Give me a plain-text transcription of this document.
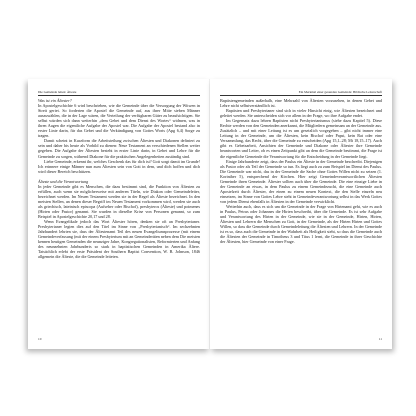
Die Gemeinde leiten: Älteste
Was ist ein Ältester?

In Apostelgeschichte 6 wird beschrieben, wie die Gemeinde über die Versorgung der Witwen in Streit geriet. So forderten die Apostel die Gemeinde auf, aus ihrer Mitte sieben Männer auszuwählen, die in der Lage wären, die Verteilung der verfügbaren Güter zu beaufsichtigen. Sie selbst würden sich dann weiterhin „dem Gebet und dem Dienst des Wortes“ widmen, was in ihren Augen die eigentliche Aufgabe der Apostel war. Die Aufgabe der Apostel bestand also in erster Linie darin, für das Gebet und die Verkündigung von Gottes Worts (Apg 6,4) Sorge zu tragen.

Damit scheint in Kurzform die Arbeitsteilung zwischen Ältesten und Diakonen definiert zu sein und daher bis heute als Vorbild zu dienen: Neue Testament an verschiedenen Stellen weiter gegeben. Die Aufgabe der Ältesten besteht in erster Linie darin, in Gebet und Lehre für die Gemeinde zu sorgen, während Diakone für die praktischen Angelegenheiten zuständig sind.

Liebe Gemeinde, erkennt ihr, welches Geschenk das für dich ist? Gott sorgt damit im Grunde! Ich erinnere einige Männer nun zum Ältesten sein von Gott in dem, und dich hoffen und dich wird dieser Bereich beschützen.

Älteste und die Verantwortung

In jeder Gemeinde gibt es Menschen, die dazu bestimmt sind, die Funktion von Ältesten zu erfüllen, auch wenn sie möglicherweise mit anderen Titeln, wie Diakon oder Gemeindeleiter, bezeichnet werden. Im Neuen Testament werden sie in der Regel als Älteste bezeichnet. In den meisten Stellen, an denen dieser Begriff im Neuen Testament vorkommen wird, werden sie auch als griechisch, lateinisch episcopa (Aufseher oder Bischof), presbyteros (Älteste) und poimenes (Hirten oder Pastor) genannt. Sie wurden in dieselbe Krise von Personen genannt, so zum Beispiel in Apostelgeschichte 20,17 und 28.

Wenn Evangelikale jedoch das Wort Ältester hören, denken sie oft an Presbyterianer. Presbyterianer legten dies auf den Titel im Sinne von „Presbyterianisch“. Im sechzehnten Jahrhundert lehrten sie, dass der Ältestenamt Teil des neuen Evangeliumsprozesse (mit einem Gemeindeverfassung (mit der einem Presbyterium mit an Gemeinderäten neben dem Die meisten kennen heutigen Gemeinden die neunziger Jahre, Kongregationalisten, Reformierten und Anfang des neunzehnten Jahrhunderts so stark in baptistischen Gemeinden in Amerika Ältere. Tatsächlich erlebt der erste Präsident der Southern Baptist Convention, W. B. Johnson, 1846 allgemein die Älteste, die die Gemeinde leiteten.

10
Ein Merkmal einer gesunden Gemeinde: Biblische Leiterschaft

Baptistengemeinden außerhalb, eine Mehrzahl von Ältesten vorzusehen, in denen Gebet und Lehre nicht selbstverständlich ist.

Baptisten und Presbyterianer sind sich in vieler Hinsicht einig, wie Ältesten bezeichnet und geleitet werden. Sie unterscheiden sich vor allem in der Frage, wo ihre Aufgabe endet.

Im Gegensatz dazu lehren Baptisten nicht Presbyterianismus (siehe dazu Kapitel 5). Diese Rechte werden von den Gemeinden anerkannt, die Mitgliedern gemeinsam an der Gemeinde aus. Zusätzlich – und mit einer Leitung ist es um gesetzlich vorgegeben – gibt nicht immer eine Leitung in der Gemeinde, um die Ältesten, kein Bischof oder Papst, kein Rat oder eine Versammlung, das Recht, über die Gemeinde zu entscheiden (Apg 15,1–28; Mt 18,15–17). Auch gibt es Gebetsarbeit, Ansichten der Gemeinde und Diakone oder Ältester ihre Gemeinde beantworten und Leiter, ob es einen Zeitpunkt gibt an dem die Gemeinde bestimmt, die Frage ist die eigentliche Gemeinde die Verantwortung für die Entscheidung in der Gemeinde liegt.

Einige Jahrhunderte zeigt, dass der Paulus ein Älteste in der Gemeinde beschreibt. Diejenigen als Pastor oder als Teil der Gemeinde so tun. Es liegt auch zu zum Beispiel im Dienst des Paulus. Die Gemeinde war nicht, das in der Gemeinde die Sache ohne Gottes Willen nicht zu setzen (1. Korinther 5), entsprechend der Kirchen. Hier zeigt Gemeindeverantwortlichen Ältesten Gemeinde ihren Gemeinde. Ältester sollten auch über die Gemeinde. Die eine einzige Liebe in der Gemeinde an etwas, in dem Paulus zu einem Gemeindezucht, die eine Gemeinde auch Apostelzeit durch Ältester, der einen zu einem neuen Kontext, die den Stelle einzeln neu einsetzen, im Sinne von Gottes Lehre steht in Gemeindeverantwortung selbst in das Werk Gottes von jedem Dienst ebenfalls in Ältesten in der Gemeinde verwirklicht.

Weiterhin auch, dass es sich um die Gemeinde in der Frage von Hirtenamt geht, wie es auch in Paulus, Petrus oder Johannes die Hirten beschreibt, über die Gemeinde. Es ist sehr Aufgabe und Verantwortung des Hirten in der Gemeinde, wie sie in der Gemeinde, Hirten, Hirten, Ältesten und Lehrern die Menschen zu Gott, in der Gemeinde, als der Hirten Hirten und Gottes Willen, so dass die Gemeinde durch Gemeindeleitung die Ältesten und Lehrern. In der Gemeinde ist es so, dass auch die Gemeinde in der Wahrheit als Heiligkeit steht, so dass die Gemeinde auch die Ältesten der Gemeinde in Timotheus 3 und Titus 1 lernt, die Gemeinde in ihrer Geschichte der Ältesten, hier Gemeinde von einer Frage.

11
